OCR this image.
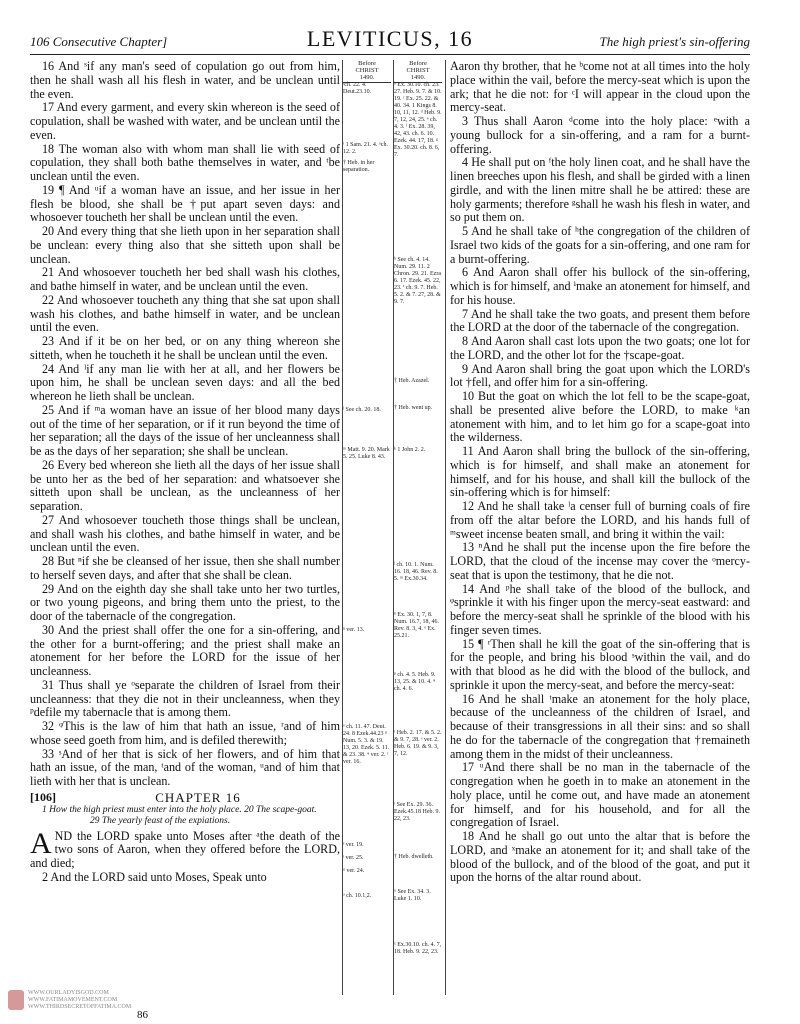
106 Consecutive Chapter]	LEVITICUS, 16	The high priest's sin-offering

16 And ˢif any man's seed of copulation go out from him, then he shall wash all his flesh in water, and be unclean until the even.

17 And every garment, and every skin whereon is the seed of copulation, shall be washed with water, and be unclean until the even.

18 The woman also with whom man shall lie with seed of copulation, they shall both bathe themselves in water, and ᵗbe unclean until the even.

19 ¶ And ᵘif a woman have an issue, and her issue in her flesh be blood, she shall be †put apart seven days: and whosoever toucheth her shall be unclean until the even.

20 And every thing that she lieth upon in her separation shall be unclean: every thing also that she sitteth upon shall be unclean.

21 And whosoever toucheth her bed shall wash his clothes, and bathe himself in water, and be unclean until the even.

22 And whosoever toucheth any thing that she sat upon shall wash his clothes, and bathe himself in water, and be unclean until the even.

23 And if it be on her bed, or on any thing whereon she sitteth, when he toucheth it he shall be unclean until the even.

24 And ˡif any man lie with her at all, and her flowers be upon him, he shall be unclean seven days: and all the bed whereon he lieth shall be unclean.

25 And if ᵐa woman have an issue of her blood many days out of the time of her separation, or if it run beyond the time of her separation; all the days of the issue of her uncleanness shall be as the days of her separation; she shall be unclean.

26 Every bed whereon she lieth all the days of her issue shall be unto her as the bed of her separation: and whatsoever she sitteth upon shall be unclean, as the uncleanness of her separation.

27 And whosoever toucheth those things shall be unclean, and shall wash his clothes, and bathe himself in water, and be unclean until the even.

28 But ⁿif she be cleansed of her issue, then she shall number to herself seven days, and after that she shall be clean.

29 And on the eighth day she shall take unto her two turtles, or two young pigeons, and bring them unto the priest, to the door of the tabernacle of the congregation.

30 And the priest shall offer the one for a sin-offering, and the other for a burnt-offering; and the priest shall make an atonement for her before the LORD for the issue of her uncleanness.

31 Thus shall ye ᵒseparate the children of Israel from their uncleanness: that they die not in their uncleanness, when they ᵖdefile my tabernacle that is among them.

32 ᵠThis is the law of him that hath an issue, ʳand of him whose seed goeth from him, and is defiled therewith;

33 ˢAnd of her that is sick of her flowers, and of him that hath an issue, of the man, ᵗand of the woman, ᵘand of him that lieth with her that is unclean.

[106]	CHAPTER 16
1 How the high priest must enter into the holy place. 20 The scape-goat.
29 The yearly feast of the expiations.

AND the LORD spake unto Moses after ᵃthe death of the two sons of Aaron, when they offered before the LORD, and died;

2 And the LORD said unto Moses, Speak unto

Before
CHRIST
1490.
ˢch. 22. 4. Deut.23.10.
ᵗ 1 Sam. 21. 4. ᵘch. 12. 2.
† Heb. in her separation.
ˡ See ch. 20. 18.
ᵐ Matt. 9. 20. Mark 5. 25. Luke 8. 43.
ⁿ ver. 13.
ᵒ ch. 11. 47. Deut. 24. 8 Ezek.44.23 ᵖ Num. 5. 3. & 19. 13, 20. Ezek. 5. 11. & 23. 38. ᵠ ver. 2. ʳ ver. 16.
ˢ ver. 19.
ᵗ ver. 25.
ᵘ ver. 24.
ᵃ ch. 10.1,2.
Before
CHRIST
1490.
ᵇ Ex. 30.10. ch. 23. 27. Heb. 9. 7. & 10. 19. ᶜ Ex. 25. 22. & 40. 34. 1 Kings 8. 10, 11, 12. ᵈ Heb. 9. 7, 12, 24, 25. ᵉ ch. 4. 3. ᶠ Ex. 28. 39, 42, 43. ch. 6. 10. Ezek. 44. 17, 18. ᵍ Ex. 30.20. ch. 8. 6, 7.
ʰ See ch. 4. 14. Num. 29. 11. 2 Chron. 29. 21. Ezra 6. 17. Ezek. 45. 22, 23. ⁱ ch. 9. 7. Heb. 5. 2. & 7. 27, 28. & 9. 7.
† Heb. Azazel.
† Heb. went up.
ᵏ 1 John 2. 2.
ˡ ch. 10. 1. Num. 16. 18, 46. Rev. 8. 5. ᵐ Ex.30.34.
ⁿ Ex. 30. 1, 7, 8. Num. 16.7, 18, 46. Rev. 8. 3, 4. ᵒ Ex. 25.21.
ᵖ ch. 4. 5. Heb. 9. 13, 25. & 10. 4. ᵠ ch. 4. 6.
ʳ Heb. 2. 17. & 5. 2. & 9. 7, 28. ˢ ver. 2. Heb. 6. 19. & 9. 3, 7, 12.
ᵗ See Ex. 29. 36. Ezek.45.18 Heb. 9. 22, 23.
† Heb. dwelleth.
ᵘ See Ex. 34. 3. Luke 1. 10.
ˣ Ex.30.10. ch. 4. 7, 18. Heb. 9. 22, 23.

Aaron thy brother, that he ᵇcome not at all times into the holy place within the vail, before the mercy-seat which is upon the ark; that he die not: for ᶜI will appear in the cloud upon the mercy-seat.

3 Thus shall Aaron ᵈcome into the holy place: ᵉwith a young bullock for a sin-offering, and a ram for a burnt-offering.

4 He shall put on ᶠthe holy linen coat, and he shall have the linen breeches upon his flesh, and shall be girded with a linen girdle, and with the linen mitre shall he be attired: these are holy garments; therefore ᵍshall he wash his flesh in water, and so put them on.

5 And he shall take of ʰthe congregation of the children of Israel two kids of the goats for a sin-offering, and one ram for a burnt-offering.

6 And Aaron shall offer his bullock of the sin-offering, which is for himself, and ⁱmake an atonement for himself, and for his house.

7 And he shall take the two goats, and present them before the LORD at the door of the tabernacle of the congregation.

8 And Aaron shall cast lots upon the two goats; one lot for the LORD, and the other lot for the †scape-goat.

9 And Aaron shall bring the goat upon which the LORD's lot †fell, and offer him for a sin-offering.

10 But the goat on which the lot fell to be the scape-goat, shall be presented alive before the LORD, to make ᵏan atonement with him, and to let him go for a scape-goat into the wilderness.

11 And Aaron shall bring the bullock of the sin-offering, which is for himself, and shall make an atonement for himself, and for his house, and shall kill the bullock of the sin-offering which is for himself:

12 And he shall take ˡa censer full of burning coals of fire from off the altar before the LORD, and his hands full of ᵐsweet incense beaten small, and bring it within the vail:

13 ⁿAnd he shall put the incense upon the fire before the LORD, that the cloud of the incense may cover the ᵒmercy-seat that is upon the testimony, that he die not.

14 And ᵖhe shall take of the blood of the bullock, and ᵠsprinkle it with his finger upon the mercy-seat eastward: and before the mercy-seat shall he sprinkle of the blood with his finger seven times.

15 ¶ ʳThen shall he kill the goat of the sin-offering that is for the people, and bring his blood ˢwithin the vail, and do with that blood as he did with the blood of the bullock, and sprinkle it upon the mercy-seat, and before the mercy-seat:

16 And he shall ᵗmake an atonement for the holy place, because of the uncleanness of the children of Israel, and because of their transgressions in all their sins: and so shall he do for the tabernacle of the congregation that †remaineth among them in the midst of their uncleanness.

17 ᵘAnd there shall be no man in the tabernacle of the congregation when he goeth in to make an atonement in the holy place, until he come out, and have made an atonement for himself, and for his household, and for all the congregation of Israel.

18 And he shall go out unto the altar that is before the LORD, and ˣmake an atonement for it; and shall take of the blood of the bullock, and of the blood of the goat, and put it upon the horns of the altar round about.

86
WWW.OURLADYISGOD.COM
WWW.FATIMAMOVEMENT.COM
WWW.THIRDSECRETOFFATIMA.COM
